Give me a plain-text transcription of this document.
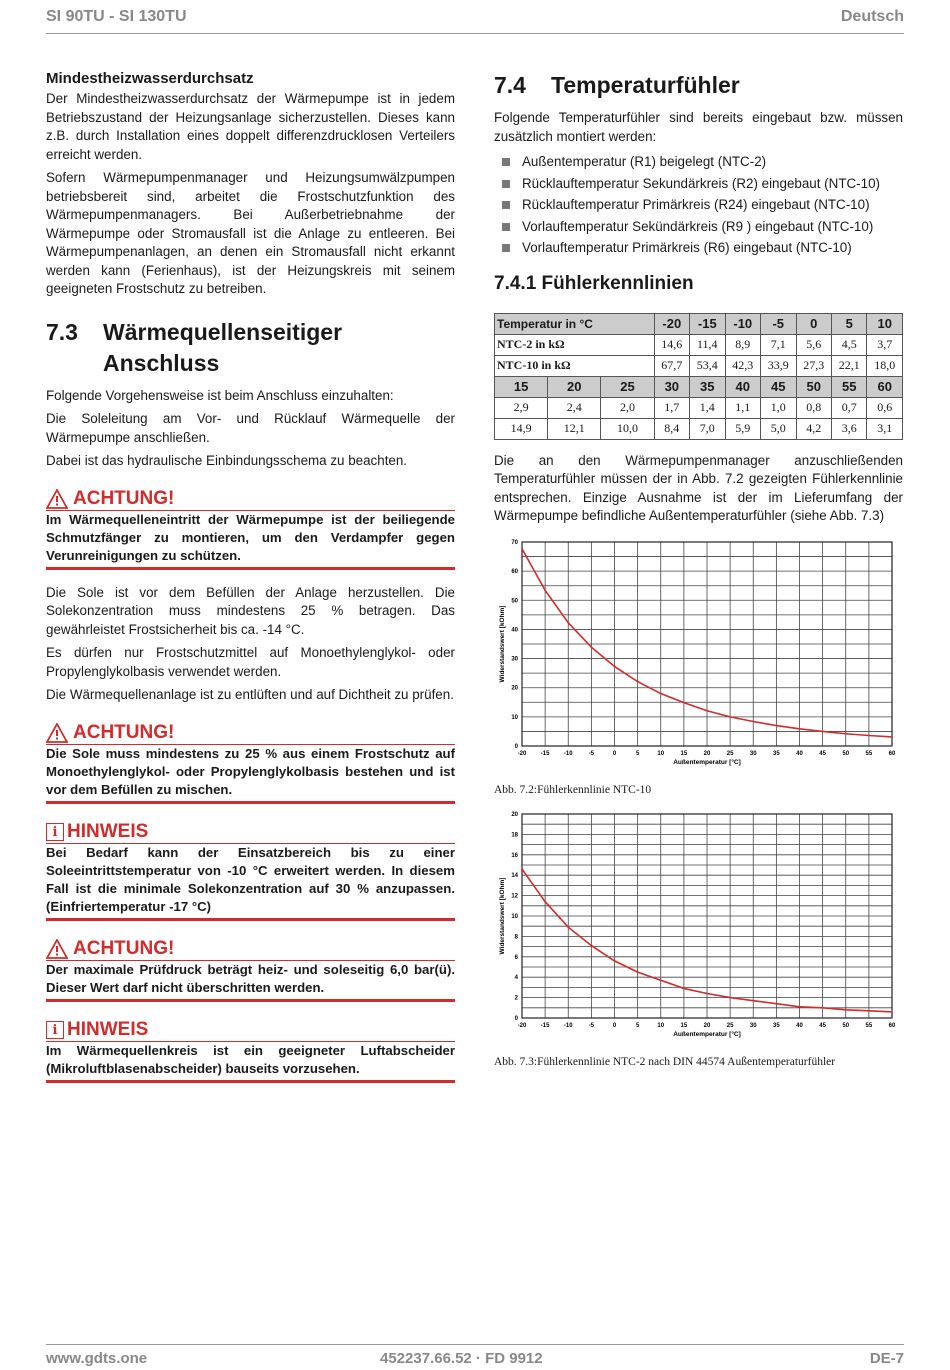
SI 90TU - SI 130TU	Deutsch
Mindestheizwasserdurchsatz

Der Mindestheizwasserdurchsatz der Wärmepumpe ist in jedem Betriebszustand der Heizungsanlage sicherzustellen. Dieses kann z.B. durch Installation eines doppelt differenzdrucklosen Verteilers erreicht werden.

Sofern Wärmepumpenmanager und Heizungsumwälzpumpen betriebsbereit sind, arbeitet die Frostschutzfunktion des Wärmepumpenmanagers. Bei Außerbetriebnahme der Wärmepumpe oder Stromausfall ist die Anlage zu entleeren. Bei Wärmepumpenanlagen, an denen ein Stromausfall nicht erkannt werden kann (Ferienhaus), ist der Heizungskreis mit seinem geeigneten Frostschutz zu betreiben.

7.3	Wärmequellenseitiger Anschluss

Folgende Vorgehensweise ist beim Anschluss einzuhalten:

Die Soleleitung am Vor- und Rücklauf Wärmequelle der Wärmepumpe anschließen.

Dabei ist das hydraulische Einbindungsschema zu beachten.

ACHTUNG!
Im Wärmequelleneintritt der Wärmepumpe ist der beiliegende Schmutzfänger zu montieren, um den Verdampfer gegen Verunreinigungen zu schützen.

Die Sole ist vor dem Befüllen der Anlage herzustellen. Die Solekonzentration muss mindestens 25 % betragen. Das gewährleistet Frostsicherheit bis ca. -14 °C.

Es dürfen nur Frostschutzmittel auf Monoethylenglykol- oder Propylenglykolbasis verwendet werden.

Die Wärmequellenanlage ist zu entlüften und auf Dichtheit zu prüfen.

ACHTUNG!
Die Sole muss mindestens zu 25 % aus einem Frostschutz auf Monoethylenglykol- oder Propylenglykolbasis bestehen und ist vor dem Befüllen zu mischen.
i HINWEIS
Bei Bedarf kann der Einsatzbereich bis zu einer Soleeintrittstemperatur von -10 °C erweitert werden. In diesem Fall ist die minimale Solekonzentration auf 30 % anzupassen. (Einfriertemperatur -17 °C)
ACHTUNG!
Der maximale Prüfdruck beträgt heiz- und soleseitig 6,0 bar(ü). Dieser Wert darf nicht überschritten werden.
i HINWEIS
Im Wärmequellenkreis ist ein geeigneter Luftabscheider (Mikroluftblasenabscheider) bauseits vorzusehen.
7.4	Temperaturfühler

Folgende Temperaturfühler sind bereits eingebaut bzw. müssen zusätzlich montiert werden:

Außentemperatur (R1) beigelegt (NTC-2)
Rücklauftemperatur Sekundärkreis (R2) eingebaut (NTC-10)
Rücklauftemperatur Primärkreis (R24) eingebaut (NTC-10)
Vorlauftemperatur Sekündärkreis (R9 ) eingebaut (NTC-10)
Vorlauftemperatur Primärkreis (R6) eingebaut (NTC-10)
7.4.1 Fühlerkennlinien
Temperatur in °C			-20	-15	-10	-5	0	5	10
NTC-2 in kΩ			14,6	11,4	8,9	7,1	5,6	4,5	3,7
NTC-10 in kΩ			67,7	53,4	42,3	33,9	27,3	22,1	18,0
15	20	25	30	35	40	45	50	55	60
2,9	2,4	2,0	1,7	1,4	1,1	1,0	0,8	0,7	0,6
14,9	12,1	10,0	8,4	7,0	5,9	5,0	4,2	3,6	3,1

Die an den Wärmepumpenmanager anzuschließenden Temperaturfühler müssen der in Abb. 7.2 gezeigten Fühlerkennlinie entsprechen. Einzige Ausnahme ist der im Lieferumfang der Wärmepumpe befindliche Außentemperaturfühler (siehe Abb. 7.3)

-20 -15 -10	-5	0	5	10	15	20	25	30	35	40	45	50	55	60
0
10
20
30
40
50
60
70
Außentemperatur [°C]
Widerstandswert [kOhm]
Abb. 7.2:Fühlerkennlinie NTC-10
-20 -15 -10	-5	0	5	10	15	20	25	30	35	40	45	50	55	60
0
2
4
6
8
10
12
14
16
18
20
Außentemperatur [°C]
Widerstandswert [kOhm]
Abb. 7.3:Fühlerkennlinie NTC-2 nach DIN 44574 Außentemperaturfühler
www.gdts.one	452237.66.52 · FD 9912	DE-7
